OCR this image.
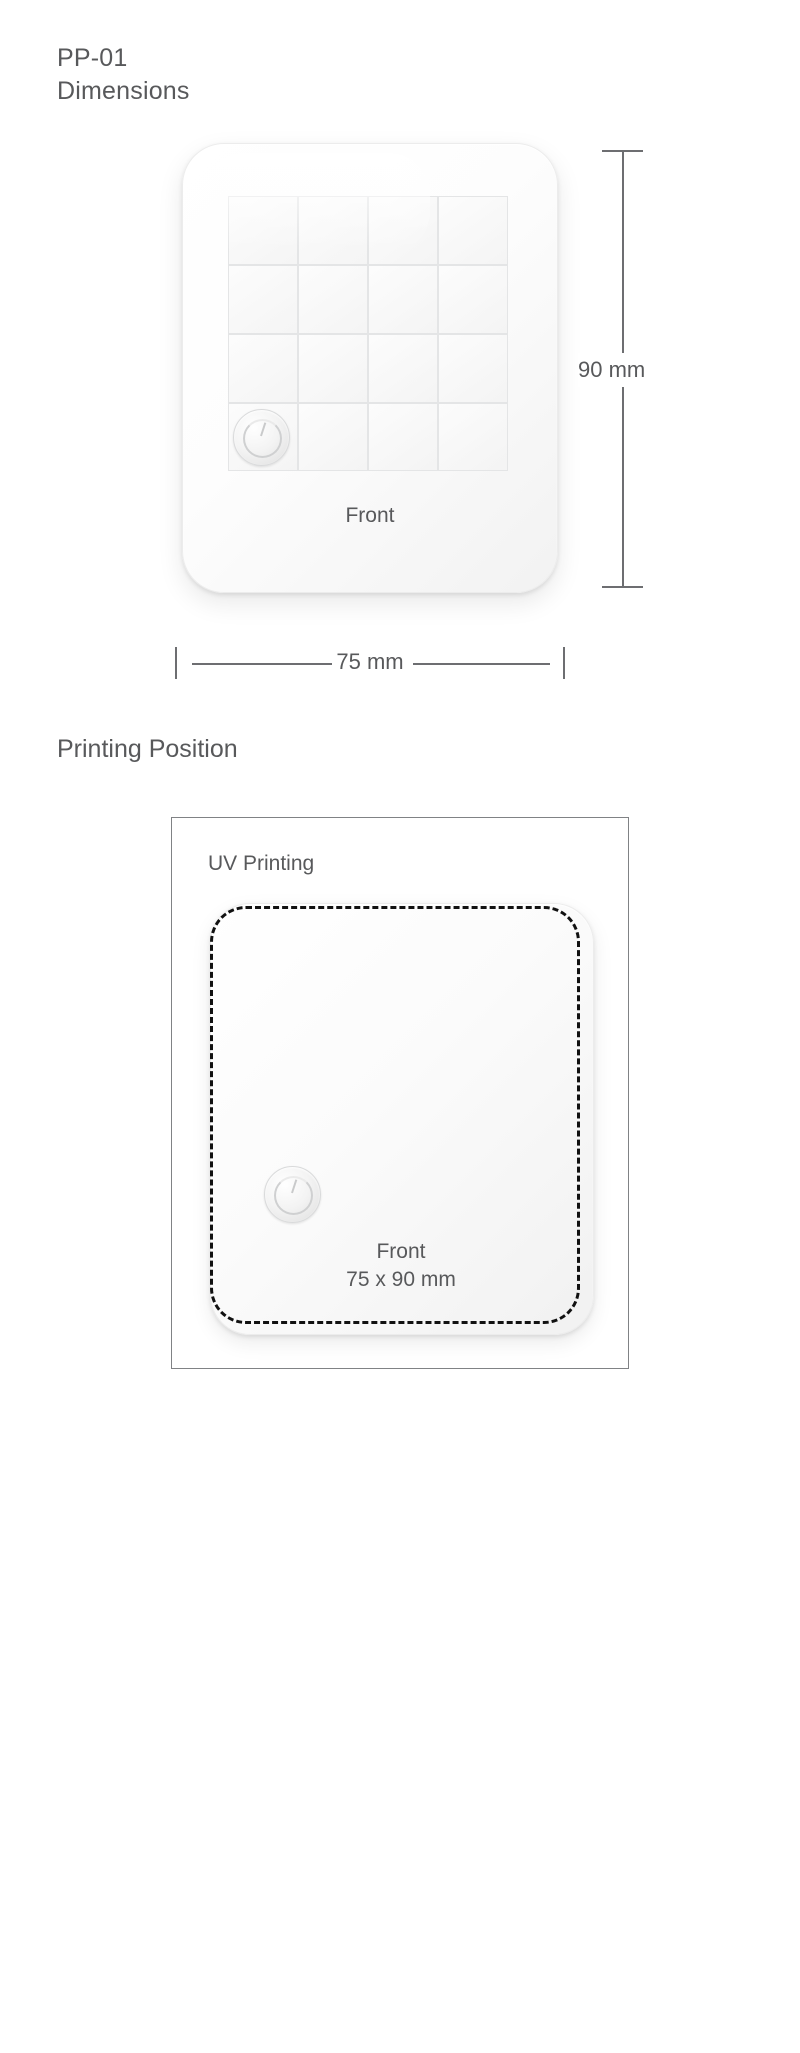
PP-01
Dimensions
Front
90 mm
75 mm
Printing Position
UV Printing
Front
75 x 90 mm
